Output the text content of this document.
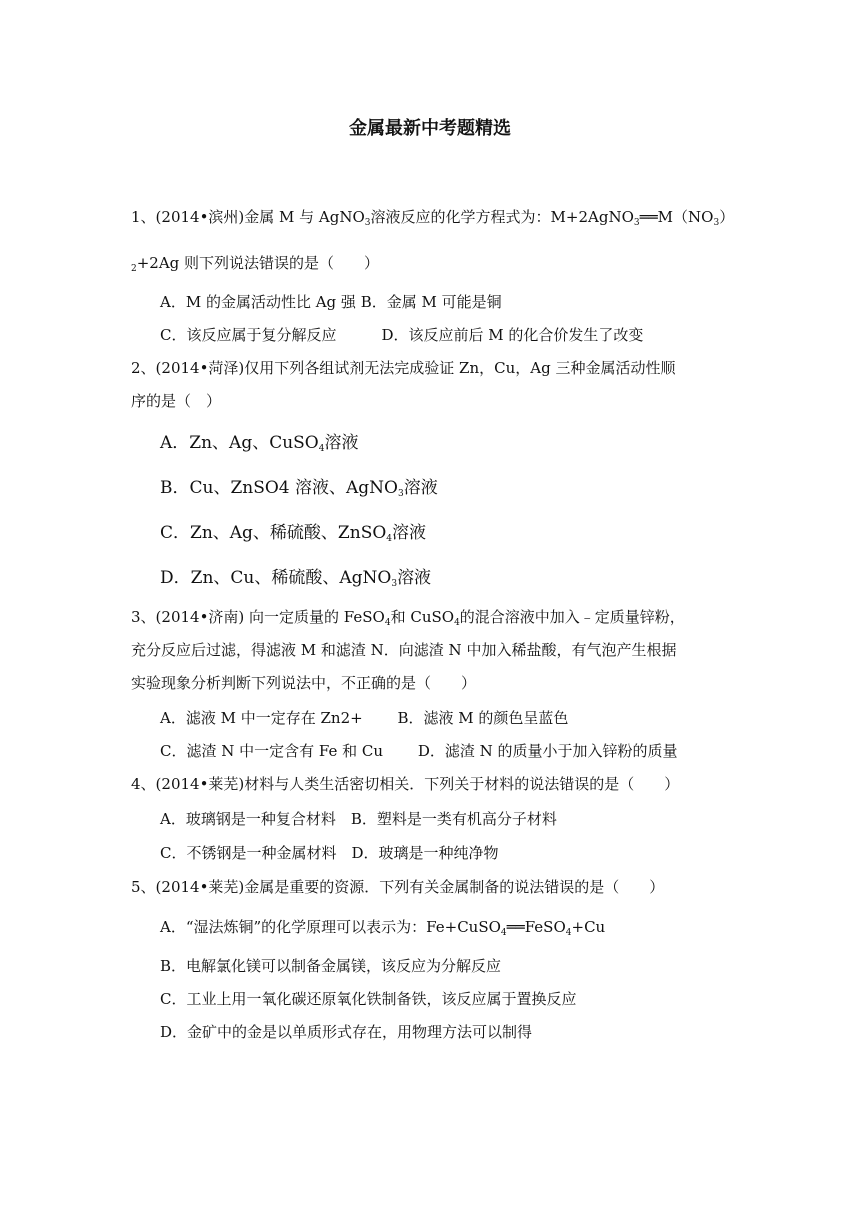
金属最新中考题精选
1、(2014•滨州)金属 M 与 AgNO$_3$溶液反应的化学方程式为：$M+2AgNO_3══M(NO_3)$
$_2$+2Ag 则下列说法错误的是（　　）
A．M 的金属活动性比 Ag 强 B．金属 M 可能是铜
C．该反应属于复分解反应　　　D．该反应前后 M 的化合价发生了改变
2、(2014•菏泽)仅用下列各组试剂无法完成验证 Zn，Cu，Ag 三种金属活动性顺
序的是（　）
A．Zn、Ag、CuSO$_4$溶液
B．Cu、ZnSO4 溶液、AgNO$_3$溶液
C．Zn、Ag、稀硫酸、ZnSO$_4$溶液
D．Zn、Cu、稀硫酸、AgNO$_3$溶液
3、(2014•济南) 向一定质量的 FeSO$_4$和 CuSO$_4$的混合溶液中加入﹣定质量锌粉，
充分反应后过滤，得滤液 M 和滤渣 N．向滤渣 N 中加入稀盐酸，有气泡产生根据
实验现象分析判断下列说法中，不正确的是（　　）
A．滤液 M 中一定存在 Zn2+　　 B．滤液 M 的颜色呈蓝色
C．滤渣 N 中一定含有 Fe 和 Cu　　 D．滤渣 N 的质量小于加入锌粉的质量
4、(2014•莱芜)材料与人类生活密切相关．下列关于材料的说法错误的是（　　）
A．玻璃钢是一种复合材料　B．塑料是一类有机高分子材料
C．不锈钢是一种金属材料　D．玻璃是一种纯净物
5、(2014•莱芜)金属是重要的资源．下列有关金属制备的说法错误的是（　　）
A．“湿法炼铜”的化学原理可以表示为：Fe+CuSO$_4$══FeSO$_4$+Cu
B．电解氯化镁可以制备金属镁，该反应为分解反应
C．工业上用一氧化碳还原氧化铁制备铁，该反应属于置换反应
D．金矿中的金是以单质形式存在，用物理方法可以制得
